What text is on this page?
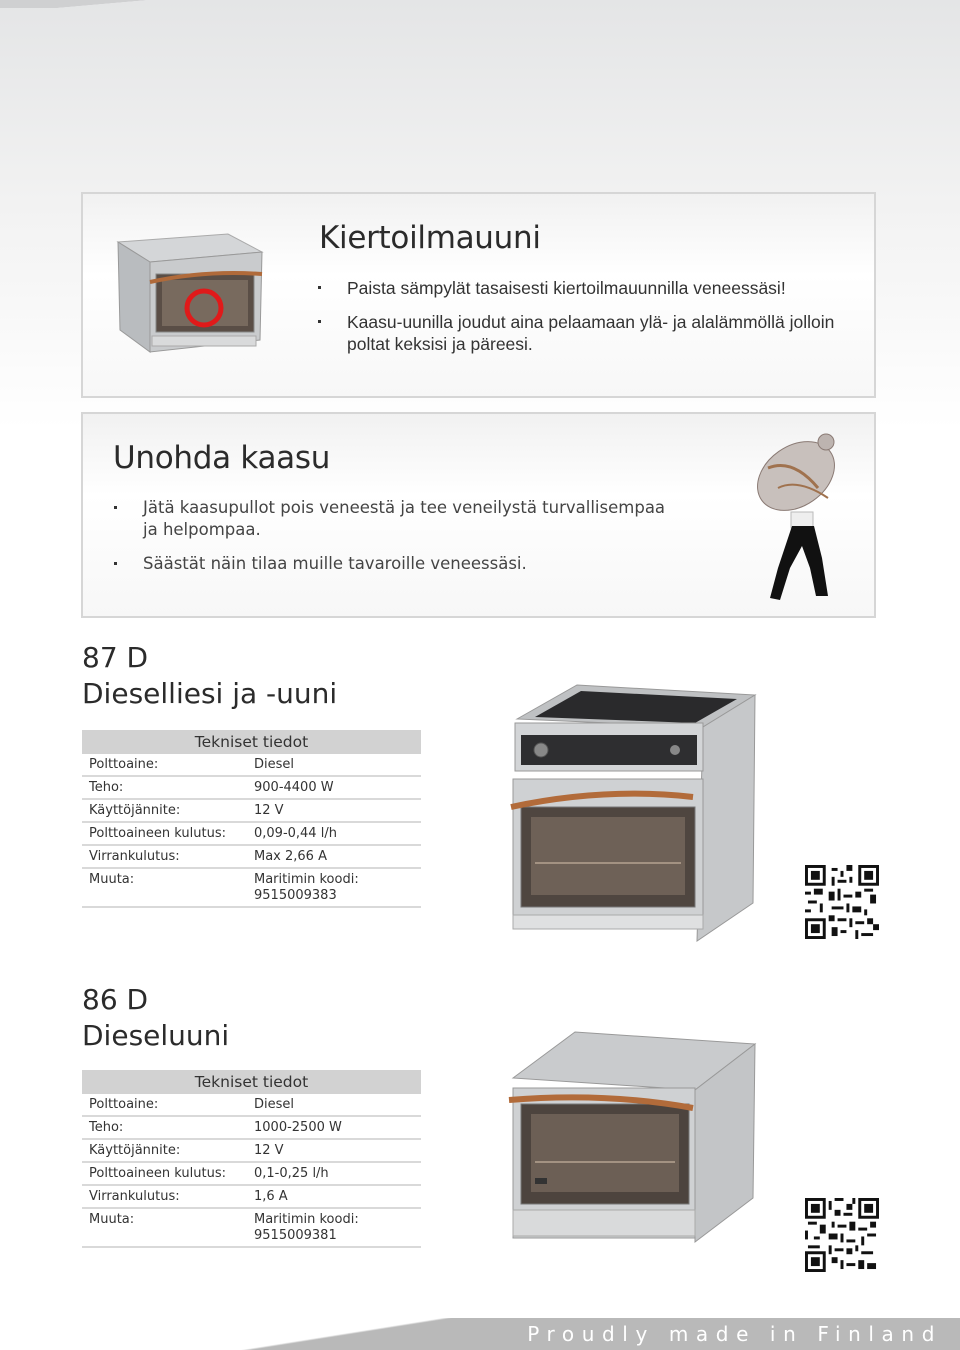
Kiertoilmauuni
Paista sämpylät tasaisesti kiertoilmauunnilla veneessäsi!
Kaasu-uunilla joudut aina pelaamaan ylä- ja alalämmöllä jolloin poltat keksisi ja päreesi.
Unohda kaasu
Jätä kaasupullot pois veneestä ja tee veneilystä turvallisempaa ja helpompaa.
Säästät näin tilaa muille tavaroille veneessäsi.
87 D
Dieselliesi ja -uuni
Tekniset tiedot
Polttoaine:	Diesel
Teho:	900-4400 W
Käyttöjännite:	12 V
Polttoaineen kulutus:	0,09-0,44 l/h
Virrankulutus:	Max 2,66 A
Muuta:	Maritimin koodi: 9515009383
86 D
Dieseluuni
Tekniset tiedot
Polttoaine:	Diesel
Teho:	1000-2500 W
Käyttöjännite:	12 V
Polttoaineen kulutus:	0,1-0,25 l/h
Virrankulutus:	1,6 A
Muuta:	Maritimin koodi: 9515009381
Proudly made in Finland
